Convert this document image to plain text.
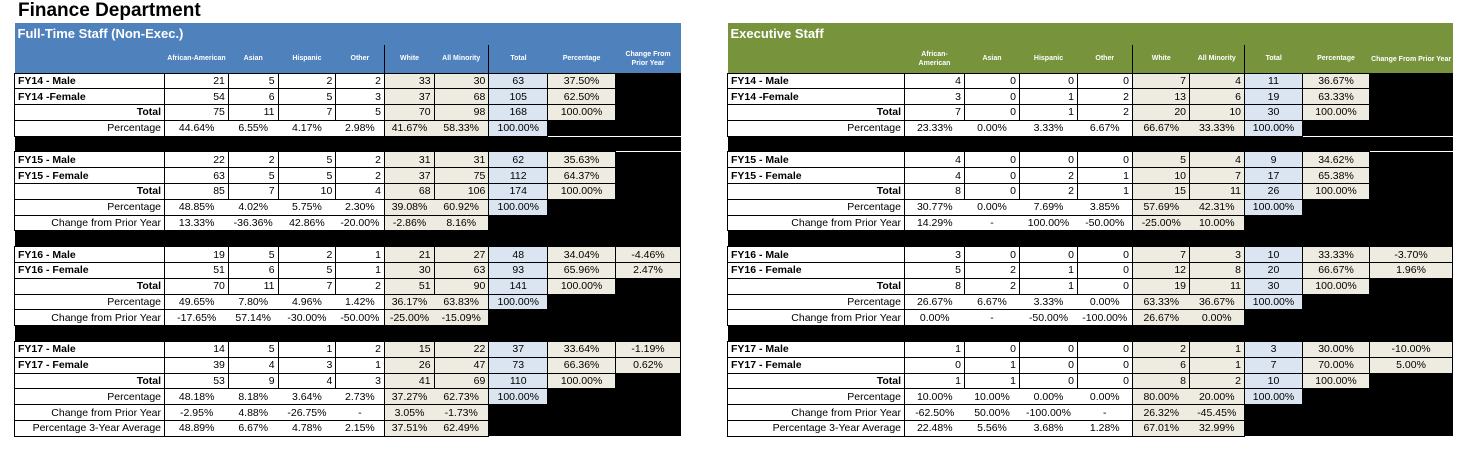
Finance Department
Full-Time Staff (Non-Exec.)									
	African-American	Asian	Hispanic	Other	White	All Minority	Total	Percentage	Change From Prior Year
FY14 - Male	21	5	2	2	33	30	63	37.50%	
FY14 -Female	54	6	5	3	37	68	105	62.50%	
Total	75	11	7	5	70	98	168	100.00%	
Percentage	44.64%	6.55%	4.17%	2.98%	41.67%	58.33%	100.00%		

FY15 - Male	22	2	5	2	31	31	62	35.63%	
FY15 - Female	63	5	5	2	37	75	112	64.37%	
Total	85	7	10	4	68	106	174	100.00%	
Percentage	48.85%	4.02%	5.75%	2.30%	39.08%	60.92%	100.00%		
Change from Prior Year	13.33%	-36.36%	42.86%	-20.00%	-2.86%	8.16%			

FY16 - Male	19	5	2	1	21	27	48	34.04%	-4.46%
FY16 - Female	51	6	5	1	30	63	93	65.96%	2.47%
Total	70	11	7	2	51	90	141	100.00%	
Percentage	49.65%	7.80%	4.96%	1.42%	36.17%	63.83%	100.00%		
Change from Prior Year	-17.65%	57.14%	-30.00%	-50.00%	-25.00%	-15.09%			

FY17 - Male	14	5	1	2	15	22	37	33.64%	-1.19%
FY17 - Female	39	4	3	1	26	47	73	66.36%	0.62%
Total	53	9	4	3	41	69	110	100.00%	
Percentage	48.18%	8.18%	3.64%	2.73%	37.27%	62.73%	100.00%		
Change from Prior Year	-2.95%	4.88%	-26.75%	-	3.05%	-1.73%			
Percentage 3-Year Average	48.89%	6.67%	4.78%	2.15%	37.51%	62.49%			
Executive Staff									
	African-American	Asian	Hispanic	Other	White	All Minority	Total	Percentage	Change From Prior Year
FY14 - Male	4	0	0	0	7	4	11	36.67%	
FY14 -Female	3	0	1	2	13	6	19	63.33%	
Total	7	0	1	2	20	10	30	100.00%	
Percentage	23.33%	0.00%	3.33%	6.67%	66.67%	33.33%	100.00%		

FY15 - Male	4	0	0	0	5	4	9	34.62%	
FY15 - Female	4	0	2	1	10	7	17	65.38%	
Total	8	0	2	1	15	11	26	100.00%	
Percentage	30.77%	0.00%	7.69%	3.85%	57.69%	42.31%	100.00%		
Change from Prior Year	14.29%	-	100.00%	-50.00%	-25.00%	10.00%			

FY16 - Male	3	0	0	0	7	3	10	33.33%	-3.70%
FY16 - Female	5	2	1	0	12	8	20	66.67%	1.96%
Total	8	2	1	0	19	11	30	100.00%	
Percentage	26.67%	6.67%	3.33%	0.00%	63.33%	36.67%	100.00%		
Change from Prior Year	0.00%	-	-50.00%	-100.00%	26.67%	0.00%			

FY17 - Male	1	0	0	0	2	1	3	30.00%	-10.00%
FY17 - Female	0	1	0	0	6	1	7	70.00%	5.00%
Total	1	1	0	0	8	2	10	100.00%	
Percentage	10.00%	10.00%	0.00%	0.00%	80.00%	20.00%	100.00%		
Change from Prior Year	-62.50%	50.00%	-100.00%	-	26.32%	-45.45%			
Percentage 3-Year Average	22.48%	5.56%	3.68%	1.28%	67.01%	32.99%			
